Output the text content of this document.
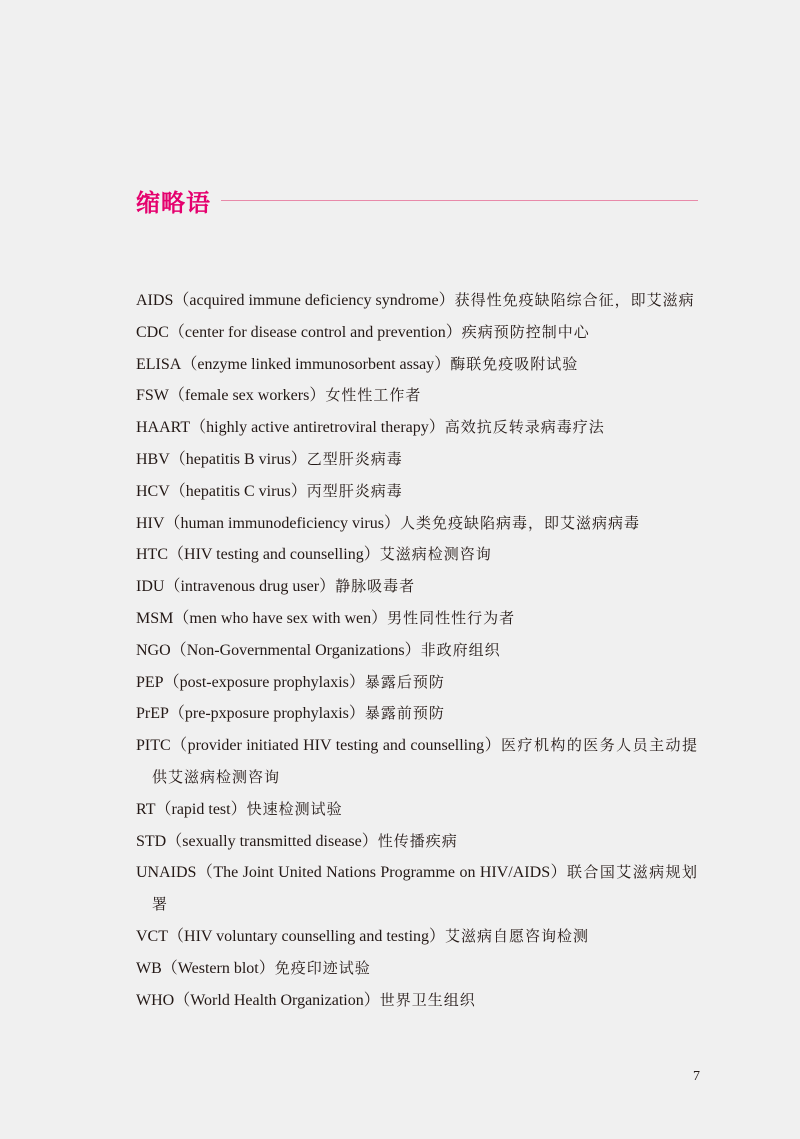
缩略语
AIDS（acquired immune deficiency syndrome）获得性免疫缺陷综合征，即艾滋病
CDC（center for disease control and prevention）疾病预防控制中心
ELISA（enzyme linked immunosorbent assay）酶联免疫吸附试验
FSW（female sex workers）女性性工作者
HAART（highly active antiretroviral therapy）高效抗反转录病毒疗法
HBV（hepatitis B virus）乙型肝炎病毒
HCV（hepatitis C virus）丙型肝炎病毒
HIV（human immunodeficiency virus）人类免疫缺陷病毒，即艾滋病病毒
HTC（HIV testing and counselling）艾滋病检测咨询
IDU（intravenous drug user）静脉吸毒者
MSM（men who have sex with wen）男性同性性行为者
NGO（Non-Governmental Organizations）非政府组织
PEP（post-exposure prophylaxis）暴露后预防
PrEP（pre-pxposure prophylaxis）暴露前预防
PITC（provider initiated HIV testing and counselling）医疗机构的医务人员主动提供艾滋病检测咨询
RT（rapid test）快速检测试验
STD（sexually transmitted disease）性传播疾病
UNAIDS（The Joint United Nations Programme on HIV/AIDS）联合国艾滋病规划署
VCT（HIV voluntary counselling and testing）艾滋病自愿咨询检测
WB（Western blot）免疫印迹试验
WHO（World Health Organization）世界卫生组织
7
